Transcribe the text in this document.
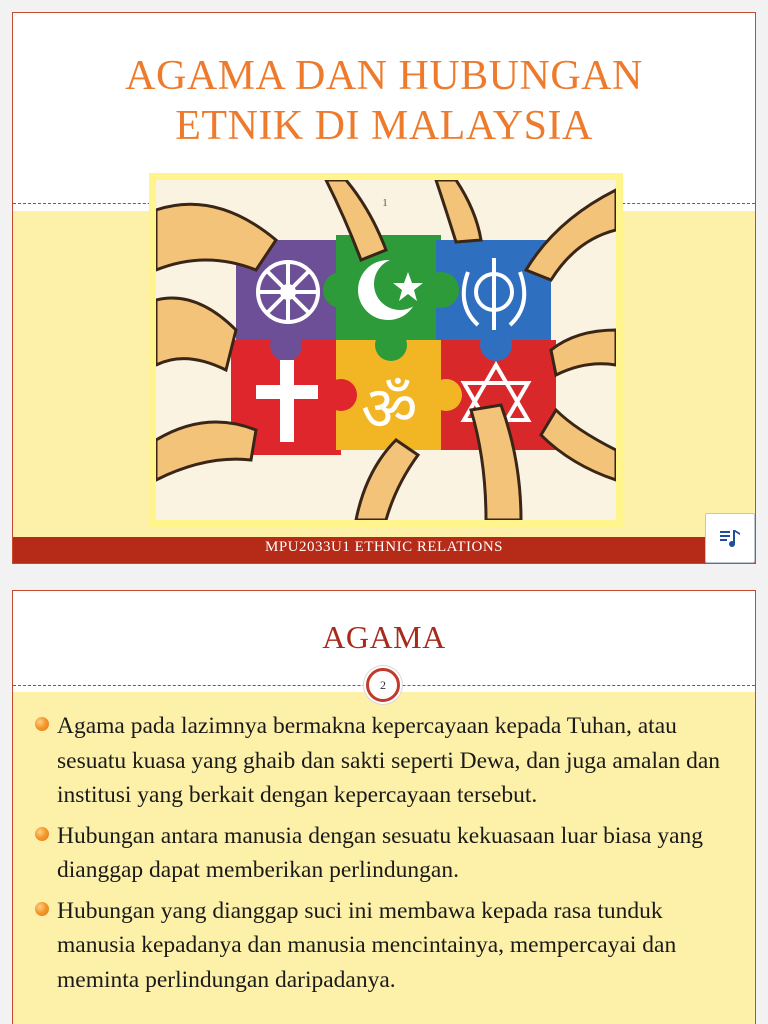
AGAMA DAN HUBUNGAN
ETNIK DI MALAYSIA
ॐ
1
MPU2033U1 ETHNIC RELATIONS
AGAMA
2
Agama pada lazimnya bermakna kepercayaan kepada Tuhan, atau sesuatu kuasa yang ghaib dan sakti seperti Dewa, dan juga amalan dan institusi yang berkait dengan kepercayaan tersebut.
Hubungan antara manusia dengan sesuatu kekuasaan luar biasa yang dianggap dapat memberikan perlindungan.
Hubungan yang dianggap suci ini membawa kepada rasa tunduk manusia kepadanya dan manusia mencintainya, mempercayai dan meminta perlindungan daripadanya.
